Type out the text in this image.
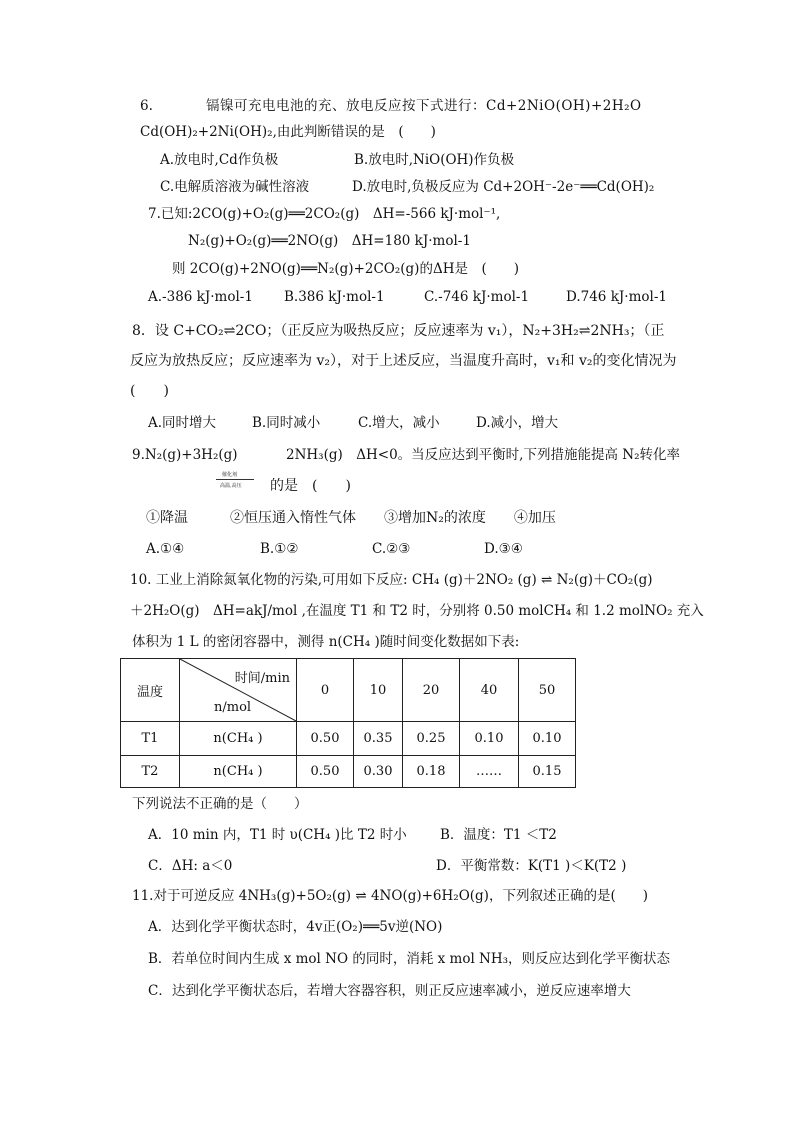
6.	镉镍可充电电池的充、放电反应按下式进行：Cd+2NiO(OH)+2H₂O
Cd(OH)₂+2Ni(OH)₂,由此判断错误的是　(　　)
A.放电时,Cd作负极	B.放电时,NiO(OH)作负极
C.电解质溶液为碱性溶液	D.放电时,负极反应为 Cd+2OH⁻-2e⁻══Cd(OH)₂
7.已知:2CO(g)+O₂(g)══2CO₂(g)　ΔH=-566 kJ·mol⁻¹,
N₂(g)+O₂(g)══2NO(g)　ΔH=180 kJ·mol-1
则 2CO(g)+2NO(g)══N₂(g)+2CO₂(g)的ΔH是　(　　)
A.-386 kJ·mol-1 B.386 kJ·mol-1	C.-746 kJ·mol-1	D.746 kJ·mol-1
8．设 C+CO₂⇌2CO；（正反应为吸热反应；反应速率为 v₁），N₂+3H₂⇌2NH₃；（正
反应为放热反应；反应速率为 v₂），对于上述反应，当温度升高时，v₁和 v₂的变化情况为
(　　)
A.同时增大	B.同时减小	C.增大，减小	D.减小，增大
9.N₂(g)+3H₂(g)	2NH₃(g)　ΔH<0。当反应达到平衡时,下列措施能提高 N₂转化率
催化剂
高温,高压 的是　(　　)
①降温　　　②恒压通入惰性气体　　③增加N₂的浓度　　④加压
A.①④	B.①②	C.②③	D.③④
10. 工业上消除氮氧化物的污染,可用如下反应: CH₄ (g)＋2NO₂ (g) ⇌ N₂(g)＋CO₂(g)
＋2H₂O(g)　ΔH=akJ/mol ,在温度 T1 和 T2 时，分别将 0.50 molCH₄ 和 1.2 molNO₂ 充入
体积为 1 L 的密闭容器中，测得 n(CH₄ )随时间变化数据如下表:
温度	时间/min
n/mol	0	10	20	40	50
T1	n(CH₄ )	0.50	0.35	0.25	0.10	0.10
T2	n(CH₄ )	0.50	0.30	0.18	……	0.15
下列说法不正确的是（　　）
A．10 min 内，T1 时 υ(CH₄ )比 T2 时小 B．温度：T1 ＜T2
C．ΔH: a＜0	D．平衡常数：K(T1 )＜K(T2 )
11.对于可逆反应 4NH₃(g)+5O₂(g) ⇌ 4NO(g)+6H₂O(g)，下列叙述正确的是(　　)
A．达到化学平衡状态时，4v正(O₂)══5v逆(NO)
B．若单位时间内生成 x mol NO 的同时，消耗 x mol NH₃，则反应达到化学平衡状态
C．达到化学平衡状态后，若增大容器容积，则正反应速率减小，逆反应速率增大
